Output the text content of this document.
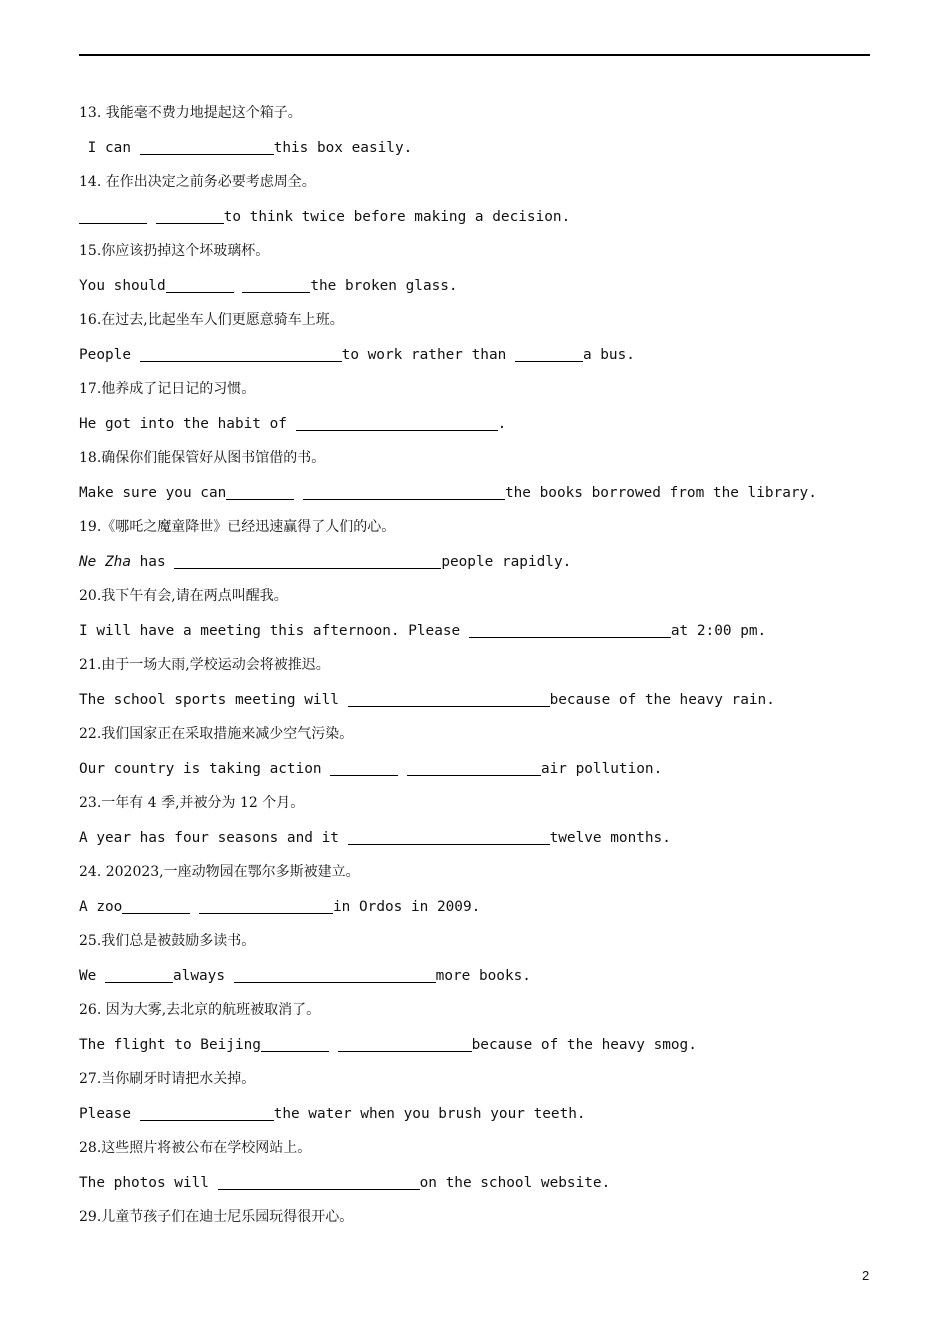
13. 我能毫不费力地提起这个箱子。
I can	this box easily.
14. 在作出决定之前务必要考虑周全。
to think twice before making a decision.
15.你应该扔掉这个坏玻璃杯。
You should	the broken glass.
16.在过去,比起坐车人们更愿意骑车上班。
People	to work rather than	a bus.
17.他养成了记日记的习惯。
He got into the habit of	.
18.确保你们能保管好从图书馆借的书。
Make sure you can	the books borrowed from the library.
19.《哪吒之魔童降世》已经迅速赢得了人们的心。
Ne Zha has	people rapidly.
20.我下午有会,请在两点叫醒我。
I will have a meeting this afternoon. Please	at 2:00 pm.
21.由于一场大雨,学校运动会将被推迟。
The school sports meeting will	because of the heavy rain.
22.我们国家正在采取措施来减少空气污染。
Our country is taking action	air pollution.
23.一年有 4 季,并被分为 12 个月。
A year has four seasons and it	twelve months.
24. 202023,一座动物园在鄂尔多斯被建立。
A zoo	in Ordos in 2009.
25.我们总是被鼓励多读书。
We	always	more books.
26. 因为大雾,去北京的航班被取消了。
The flight to Beijing	because of the heavy smog.
27.当你刷牙时请把水关掉。
Please	the water when you brush your teeth.
28.这些照片将被公布在学校网站上。
The photos will	on the school website.
29.儿童节孩子们在迪士尼乐园玩得很开心。
2
